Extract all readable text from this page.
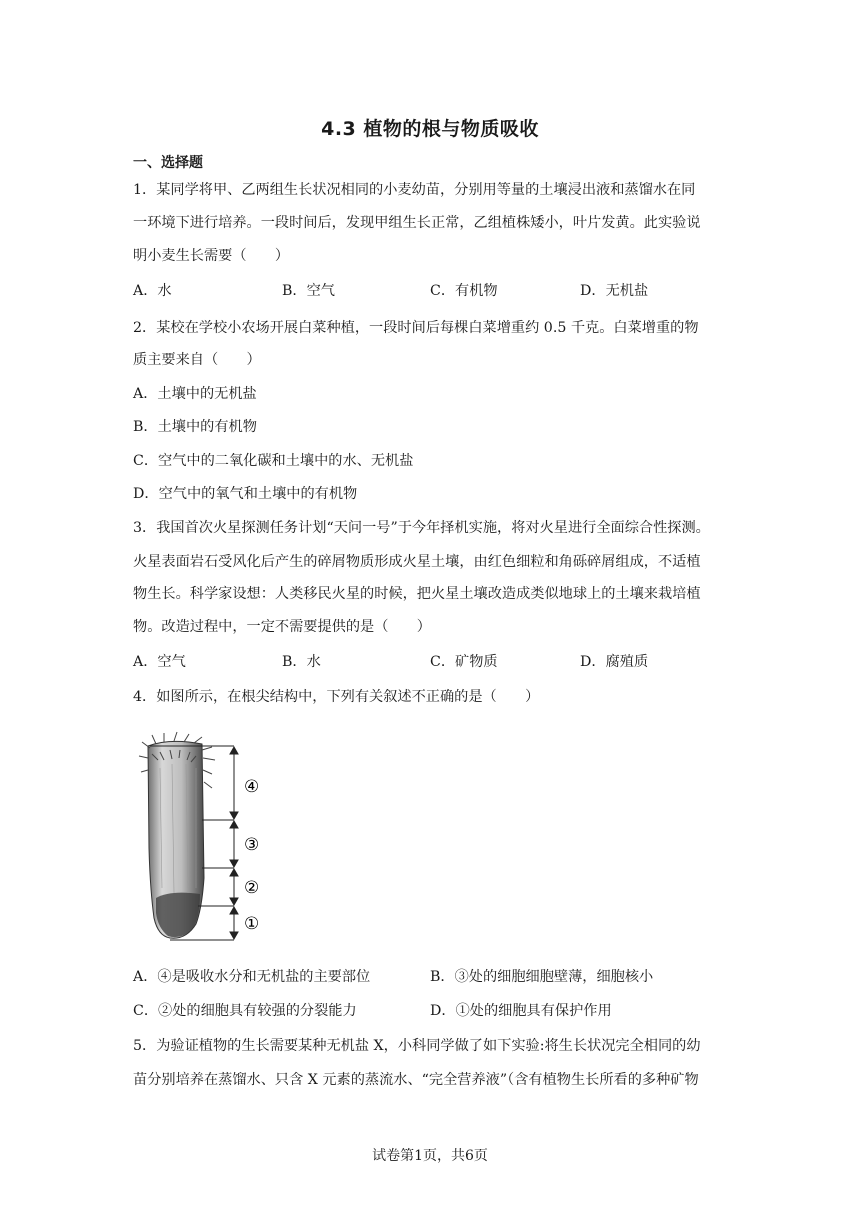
4.3 植物的根与物质吸收
一、选择题
1．某同学将甲、乙两组生长状况相同的小麦幼苗，分别用等量的土壤浸出液和蒸馏水在同
一环境下进行培养。一段时间后，发现甲组生长正常，乙组植株矮小，叶片发黄。此实验说
明小麦生长需要（　　）
A．水	B．空气	C．有机物	D．无机盐
2．某校在学校小农场开展白菜种植，一段时间后每棵白菜增重约 0.5 千克。白菜增重的物
质主要来自（　　）
A．土壤中的无机盐
B．土壤中的有机物
C．空气中的二氧化碳和土壤中的水、无机盐
D．空气中的氧气和土壤中的有机物
3．我国首次火星探测任务计划“天问一号”于今年择机实施，将对火星进行全面综合性探测。
火星表面岩石受风化后产生的碎屑物质形成火星土壤，由红色细粒和角砾碎屑组成，不适植
物生长。科学家设想：人类移民火星的时候，把火星土壤改造成类似地球上的土壤来栽培植
物。改造过程中，一定不需要提供的是（　　）
A．空气	B．水	C．矿物质	D．腐殖质
4．如图所示，在根尖结构中，下列有关叙述不正确的是（　　）
④
③
②
①
A．④是吸收水分和无机盐的主要部位	B．③处的细胞细胞壁薄，细胞核小
C．②处的细胞具有较强的分裂能力	D．①处的细胞具有保护作用
5．为验证植物的生长需要某种无机盐 X，小科同学做了如下实验:将生长状况完全相同的幼
苗分别培养在蒸馏水、只含 X 元素的蒸流水、“完全营养液”（含有植物生长所看的多种矿物
试卷第1页，共6页
